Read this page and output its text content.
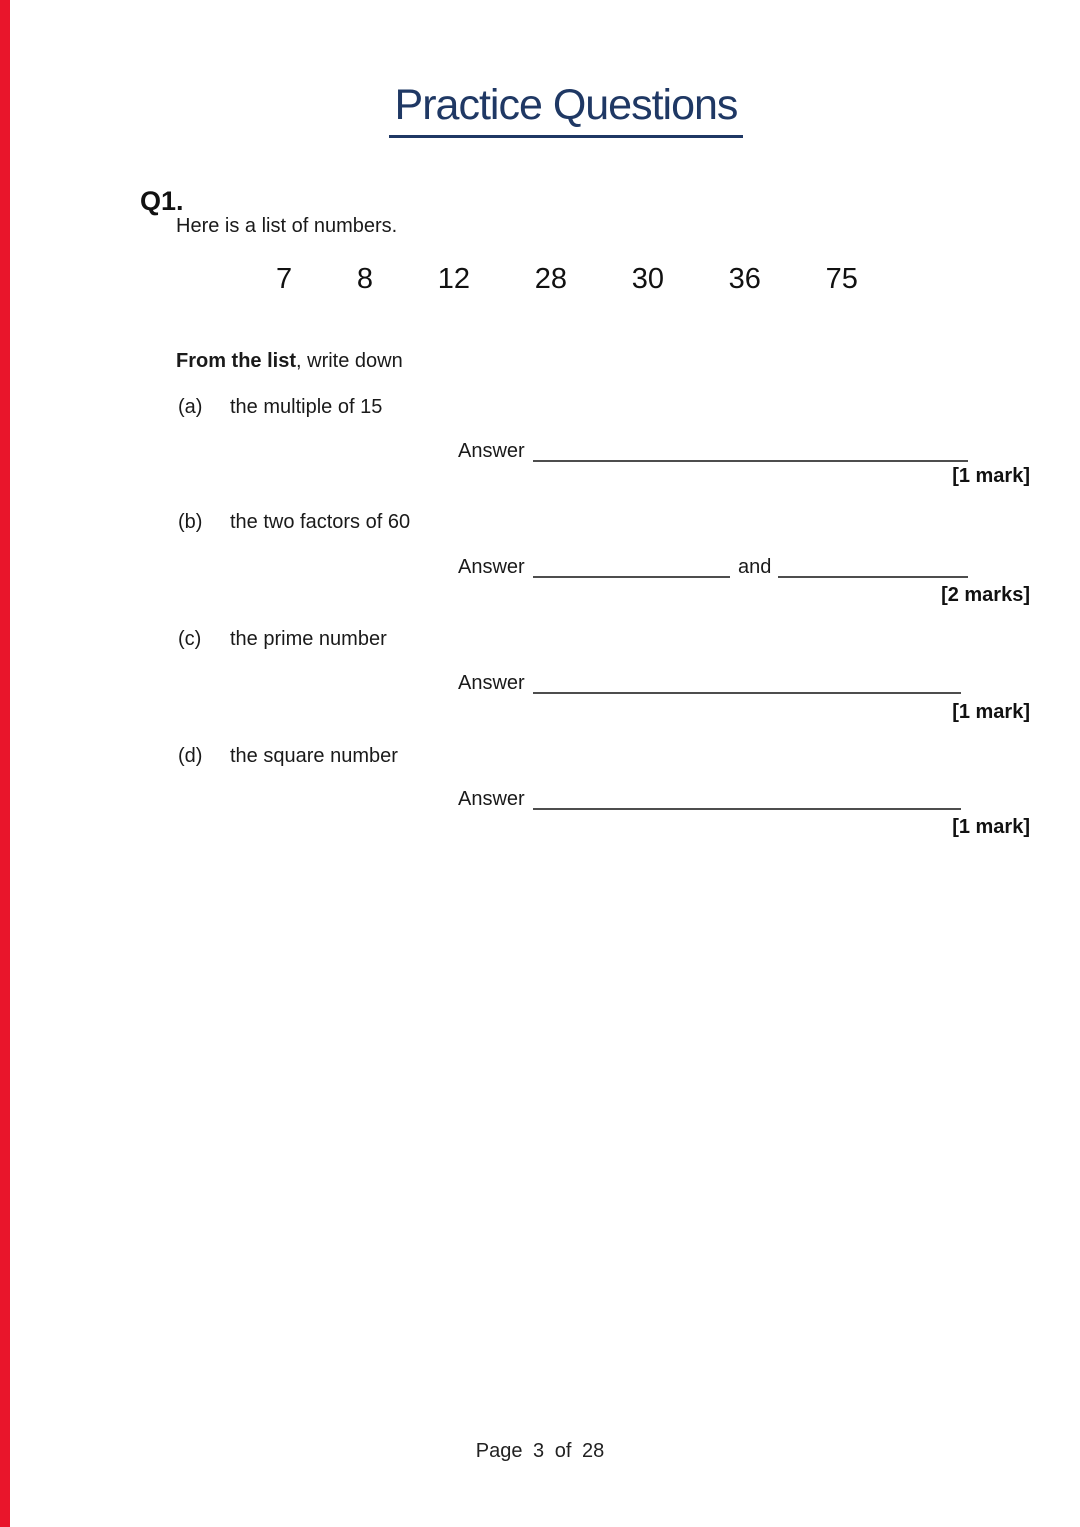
Practice Questions
Q1.
Here is a list of numbers.
7 8 12 28 30 36 75
From the list, write down
(a) the multiple of 15
Answer
[1 mark]
(b) the two factors of 60
Answer	and
[2 marks]
(c) the prime number
Answer
[1 mark]
(d) the square number
Answer
[1 mark]
Page 3 of 28
